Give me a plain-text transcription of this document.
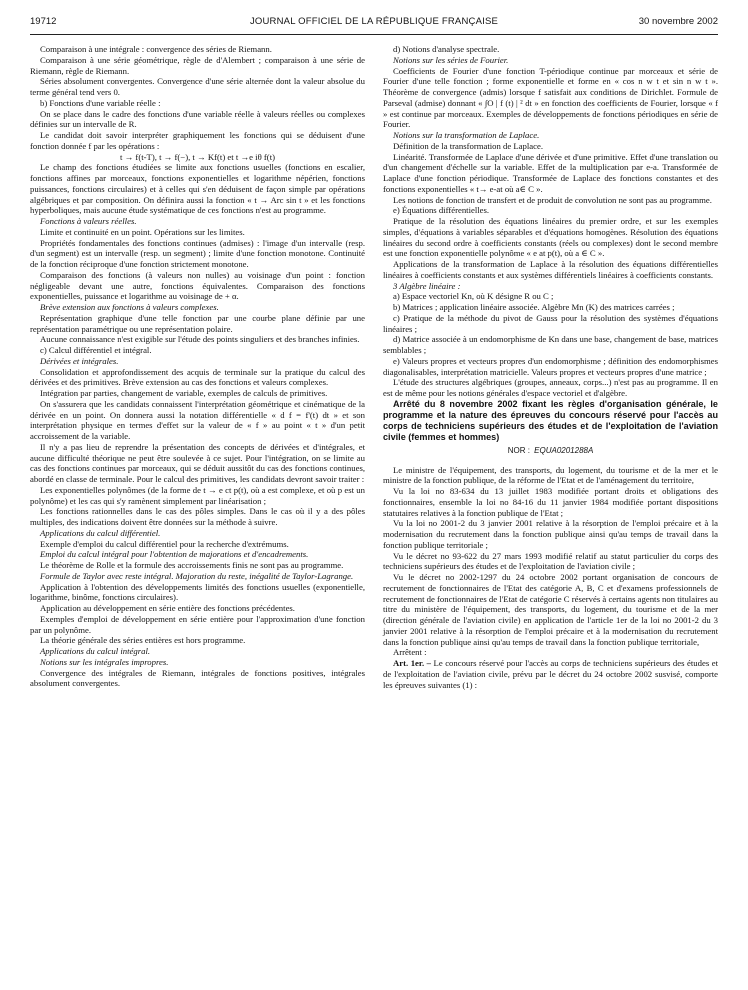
19712	JOURNAL OFFICIEL DE LA RÉPUBLIQUE FRANÇAISE	30 novembre 2002

Comparaison à une intégrale : convergence des séries de Riemann.

Comparaison à une série géométrique, règle de d'Alembert ; comparaison à une série de Riemann, règle de Riemann.

Séries absolument convergentes. Convergence d'une série alternée dont la valeur absolue du terme général tend vers 0.

b) Fonctions d'une variable réelle :

On se place dans le cadre des fonctions d'une variable réelle à valeurs réelles ou complexes définies sur un intervalle de R.

Le candidat doit savoir interpréter graphiquement les fonctions qui se déduisent d'une fonction donnée f par les opérations :

t → f(t-T), t → f(−), t → Kf(t) et t →e iθ f(t)

Le champ des fonctions étudiées se limite aux fonctions usuelles (fonctions en escalier, fonctions affines par morceaux, fonctions exponentielles et logarithme népérien, fonctions puissances, fonctions circulaires) et à celles qui s'en déduisent de façon simple par opérations algébriques et par composition. On définira aussi la fonction « t → Arc sin t » et les fonctions hyperboliques, mais aucune étude systématique de ces fonctions n'est au programme.

Fonctions à valeurs réelles.

Limite et continuité en un point. Opérations sur les limites.

Propriétés fondamentales des fonctions continues (admises) : l'image d'un intervalle (resp. d'un segment) est un intervalle (resp. un segment) ; limite d'une fonction monotone. Continuité de la fonction réciproque d'une fonction strictement monotone.

Comparaison des fonctions (à valeurs non nulles) au voisinage d'un point : fonction négligeable devant une autre, fonctions équivalentes. Comparaison des fonctions exponentielles, puissance et logarithme au voisinage de + α.

Brève extension aux fonctions à valeurs complexes.

Représentation graphique d'une telle fonction par une courbe plane définie par une représentation paramétrique ou une représentation polaire.

Aucune connaissance n'est exigible sur l'étude des points singuliers et des branches infinies.

c) Calcul différentiel et intégral.

Dérivées et intégrales.

Consolidation et approfondissement des acquis de terminale sur la pratique du calcul des dérivées et des primitives. Brève extension au cas des fonctions et valeurs complexes.

Intégration par parties, changement de variable, exemples de calculs de primitives.

On s'assurera que les candidats connaissent l'interprétation géométrique et cinématique de la dérivée en un point. On donnera aussi la notation différentielle « d f = f'(t) dt » et son interprétation physique en termes d'effet sur la valeur de « f » au point « t » d'un petit accroissement de la variable.

Il n'y a pas lieu de reprendre la présentation des concepts de dérivées et d'intégrales, et aucune difficulté théorique ne peut être soulevée à ce sujet. Pour l'intégration, on se limite au cas des fonctions continues par morceaux, qui se déduit aussitôt du cas des fonctions continues, abordé en classe de terminale. Pour le calcul des primitives, les candidats devront savoir traiter :

Les exponentielles polynômes (de la forme de t → e ct p(t), où a est complexe, et où p est un polynôme) et les cas qui s'y ramènent simplement par linéarisation ;

Les fonctions rationnelles dans le cas des pôles simples. Dans le cas où il y a des pôles multiples, des indications doivent être données sur la méthode à suivre.

Applications du calcul différentiel.

Exemple d'emploi du calcul différentiel pour la recherche d'extrémums.

Emploi du calcul intégral pour l'obtention de majorations et d'encadrements.

Le théorème de Rolle et la formule des accroissements finis ne sont pas au programme.

Formule de Taylor avec reste intégral. Majoration du reste, inégalité de Taylor-Lagrange.

Application à l'obtention des développements limités des fonctions usuelles (exponentielle, logarithme, binôme, fonctions circulaires).

Application au développement en série entière des fonctions précédentes.

Exemples d'emploi de développement en série entière pour l'approximation d'une fonction par un polynôme.

La théorie générale des séries entières est hors programme.

Applications du calcul intégral.

Notions sur les intégrales impropres.

Convergence des intégrales de Riemann, intégrales de fonctions positives, intégrales absolument convergentes.

d) Notions d'analyse spectrale.

Notions sur les séries de Fourier.

Coefficients de Fourier d'une fonction T-périodique continue par morceaux et série de Fourier d'une telle fonction ; forme exponentielle et forme en « cos n w t et sin n w t ». Théorème de convergence (admis) lorsque f satisfait aux conditions de Dirichlet. Formule de Parseval (admise) donnant « ∫O | f (t) | ² dt » en fonction des coefficients de Fourier, lorsque « f » est continue par morceaux. Exemples de développements de fonctions périodiques en série de Fourier.

Notions sur la transformation de Laplace.

Définition de la transformation de Laplace.

Linéarité. Transformée de Laplace d'une dérivée et d'une primitive. Effet d'une translation ou d'un changement d'échelle sur la variable. Effet de la multiplication par e-a. Transformée de Laplace d'une fonction périodique. Transformée de Laplace des fonctions constantes et des fonctions exponentielles « t→ e-at où a∈ C ».

Les notions de fonction de transfert et de produit de convolution ne sont pas au programme.

e) Équations différentielles.

Pratique de la résolution des équations linéaires du premier ordre, et sur les exemples simples, d'équations à variables séparables et d'équations homogènes. Résolution des équations linéaires du second ordre à coefficients constants (réels ou complexes) dont le second membre est une fonction exponentielle polynôme « e at p(t), où a ∈ C ».

Applications de la transformation de Laplace à la résolution des équations différentielles linéaires à coefficients constants et aux systèmes différentiels linéaires à coefficients constants.

3 Algèbre linéaire :

a) Espace vectoriel Kn, où K désigne R ou C ;

b) Matrices ; application linéaire associée. Algèbre Mn (K) des matrices carrées ;

c) Pratique de la méthode du pivot de Gauss pour la résolution des systèmes d'équations linéaires ;

d) Matrice associée à un endomorphisme de Kn dans une base, changement de base, matrices semblables ;

e) Valeurs propres et vecteurs propres d'un endomorphisme ; définition des endomorphismes diagonalisables, interprétation matricielle. Valeurs propres et vecteurs propres d'une matrice ;

L'étude des structures algébriques (groupes, anneaux, corps...) n'est pas au programme. Il en est de même pour les notions générales d'espace vectoriel et d'algèbre.

Arrêté du 8 novembre 2002 fixant les règles d'organisation générale, le programme et la nature des épreuves du concours réservé pour l'accès au corps de techniciens supérieurs des études et de l'exploitation de l'aviation civile (femmes et hommes)

NOR : EQUA0201288A

Le ministre de l'équipement, des transports, du logement, du tourisme et de la mer et le ministre de la fonction publique, de la réforme de l'Etat et de l'aménagement du territoire,

Vu la loi no 83-634 du 13 juillet 1983 modifiée portant droits et obligations des fonctionnaires, ensemble la loi no 84-16 du 11 janvier 1984 modifiée portant dispositions statutaires relatives à la fonction publique de l'Etat ;

Vu la loi no 2001-2 du 3 janvier 2001 relative à la résorption de l'emploi précaire et à la modernisation du recrutement dans la fonction publique ainsi qu'au temps de travail dans la fonction publique territoriale ;

Vu le décret no 93-622 du 27 mars 1993 modifié relatif au statut particulier du corps des techniciens supérieurs des études et de l'exploitation de l'aviation civile ;

Vu le décret no 2002-1297 du 24 octobre 2002 portant organisation de concours de recrutement de fonctionnaires de l'Etat des catégorie A, B, C et d'examens professionnels de recrutement de fonctionnaires de l'Etat de catégorie C réservés à certains agents non titulaires au titre du ministère de l'équipement, des transports, du logement, du tourisme et de la mer (direction générale de l'aviation civile) en application de l'article 1er de la loi no 2001-2 du 3 janvier 2001 relative à la résorption de l'emploi précaire et à la modernisation du recrutement dans la fonction publique ainsi qu'au temps de travail dans la fonction publique territoriale,

Arrêtent :

Art. 1er. – Le concours réservé pour l'accès au corps de techniciens supérieurs des études et de l'exploitation de l'aviation civile, prévu par le décret du 24 octobre 2002 susvisé, comporte les épreuves suivantes (1) :
